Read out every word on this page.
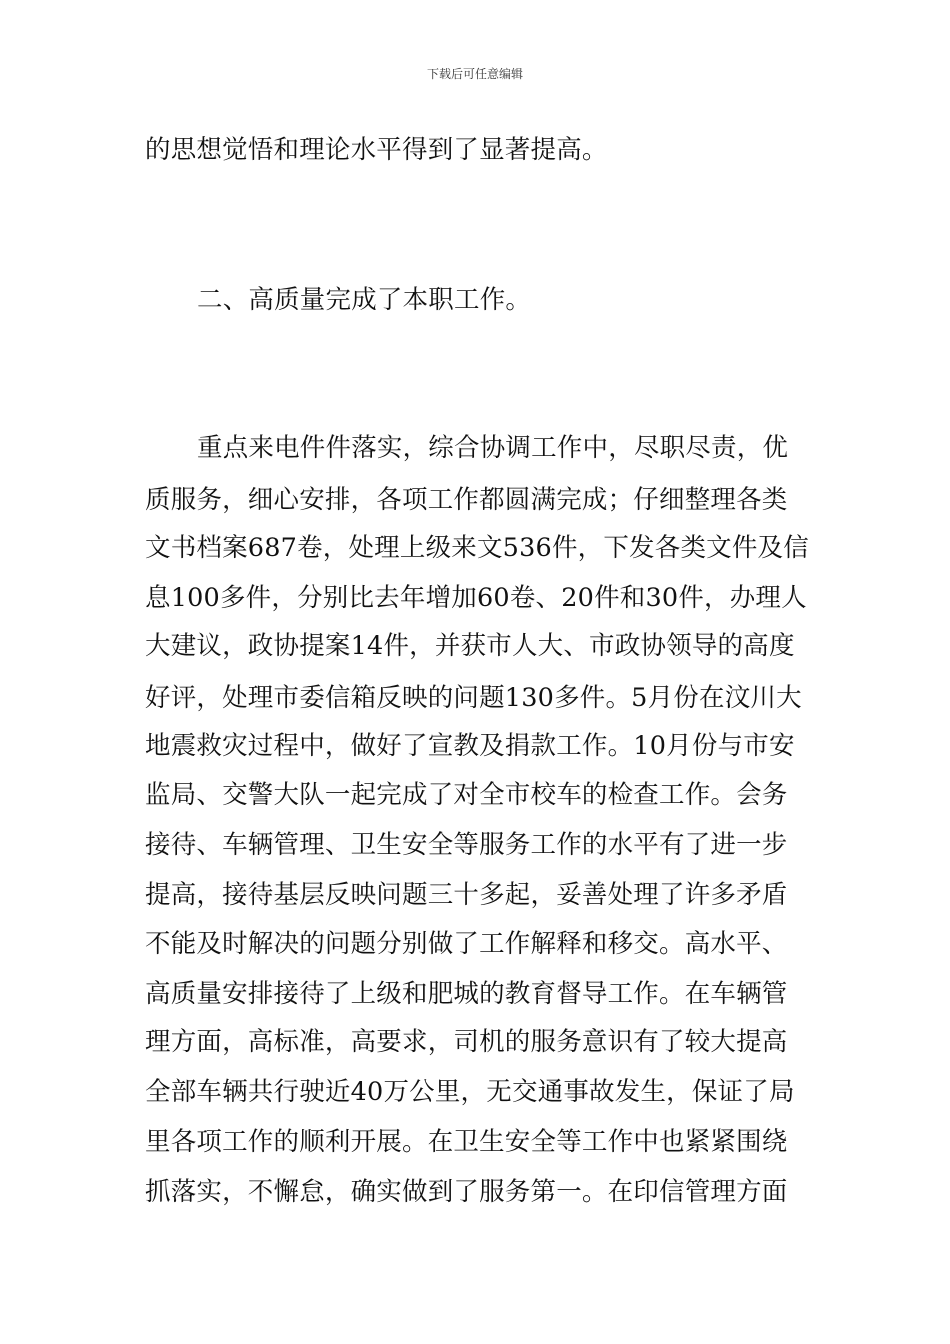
下载后可任意编辑
的思想觉悟和理论水平得到了显著提高。
二、高质量完成了本职工作。
重点来电件件落实，综合协调工作中，尽职尽责，优
质服务，细心安排，各项工作都圆满完成；仔细整理各类
文书档案687卷，处理上级来文536件，下发各类文件及信
息100多件，分别比去年增加60卷、20件和30件，办理人
大建议，政协提案14件，并获市人大、市政协领导的高度
好评，处理市委信箱反映的问题130多件。5月份在汶川大
地震救灾过程中，做好了宣教及捐款工作。10月份与市安
监局、交警大队一起完成了对全市校车的检查工作。会务
接待、车辆管理、卫生安全等服务工作的水平有了进一步
提高，接待基层反映问题三十多起，妥善处理了许多矛盾
不能及时解决的问题分别做了工作解释和移交。高水平、
高质量安排接待了上级和肥城的教育督导工作。在车辆管
理方面，高标准，高要求，司机的服务意识有了较大提高
全部车辆共行驶近40万公里，无交通事故发生，保证了局
里各项工作的顺利开展。在卫生安全等工作中也紧紧围绕
抓落实，不懈怠，确实做到了服务第一。在印信管理方面
